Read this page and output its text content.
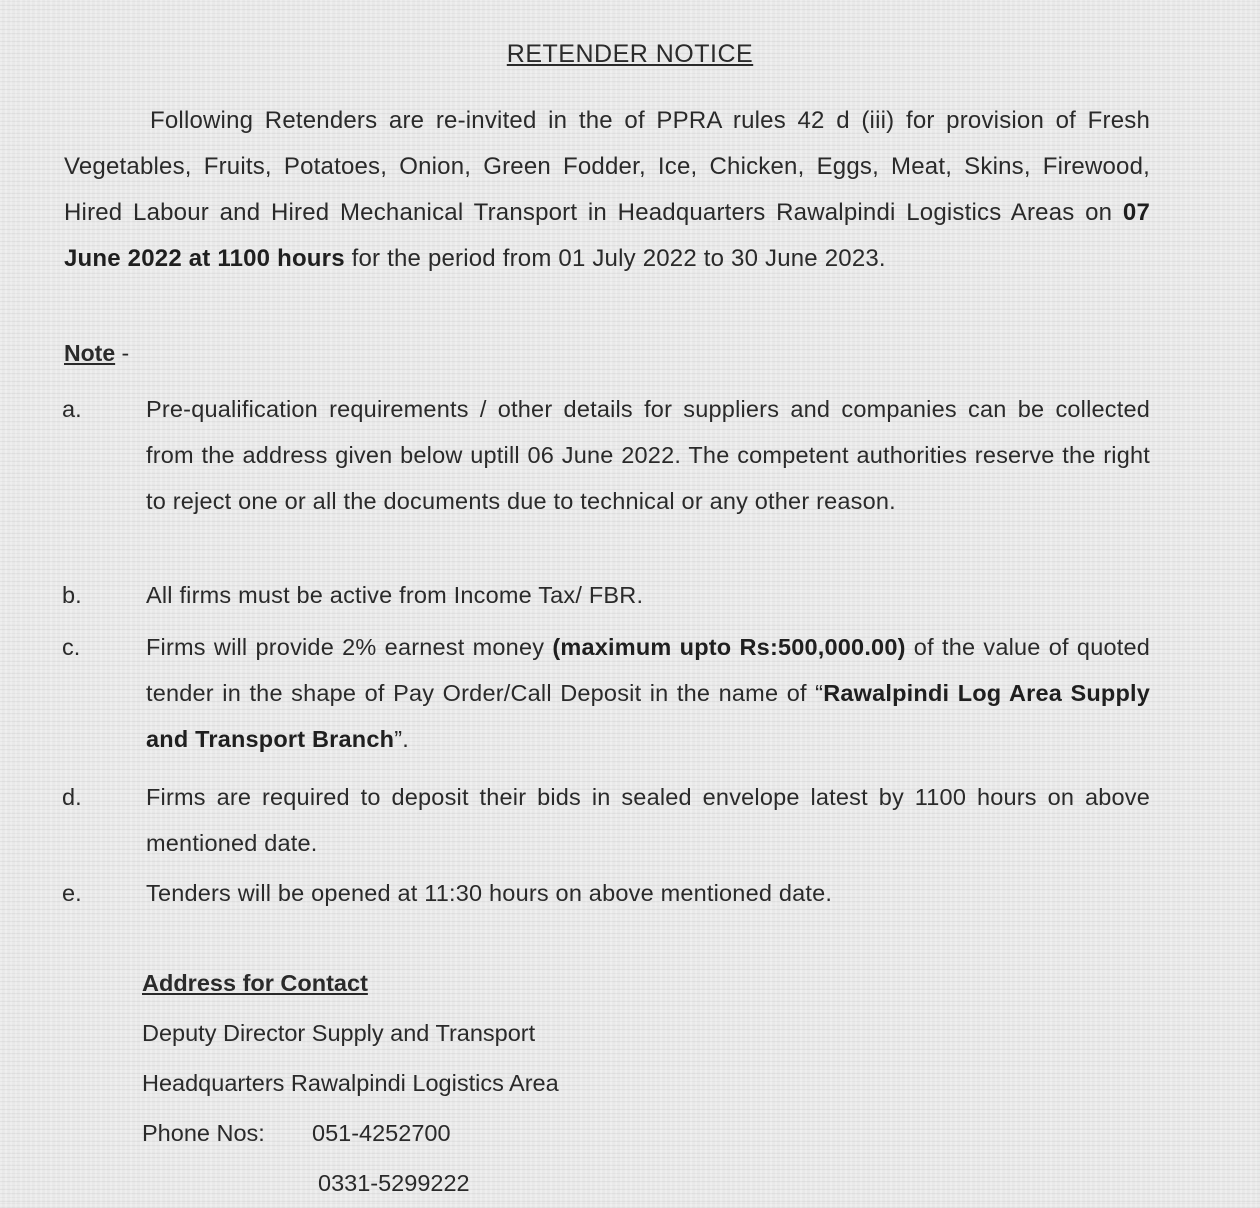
RETENDER NOTICE
Following Retenders are re-invited in the of PPRA rules 42 d (iii) for provision of Fresh Vegetables, Fruits, Potatoes, Onion, Green Fodder, Ice, Chicken, Eggs, Meat, Skins, Firewood, Hired Labour and Hired Mechanical Transport in Headquarters Rawalpindi Logistics Areas on 07 June 2022 at 1100 hours for the period from 01 July 2022 to 30 June 2023.
Note -
a.	Pre-qualification requirements / other details for suppliers and companies can be collected from the address given below uptill 06 June 2022. The competent authorities reserve the right to reject one or all the documents due to technical or any other reason.
b.	All firms must be active from Income Tax/ FBR.
c.	Firms will provide 2% earnest money (maximum upto Rs:500,000.00) of the value of quoted tender in the shape of Pay Order/Call Deposit in the name of “Rawalpindi Log Area Supply and Transport Branch”.
d.	Firms are required to deposit their bids in sealed envelope latest by 1100 hours on above mentioned date.
e.	Tenders will be opened at 11:30 hours on above mentioned date.
Address for Contact
Deputy Director Supply and Transport
Headquarters Rawalpindi Logistics Area
Phone Nos: 051-4252700
0331-5299222
